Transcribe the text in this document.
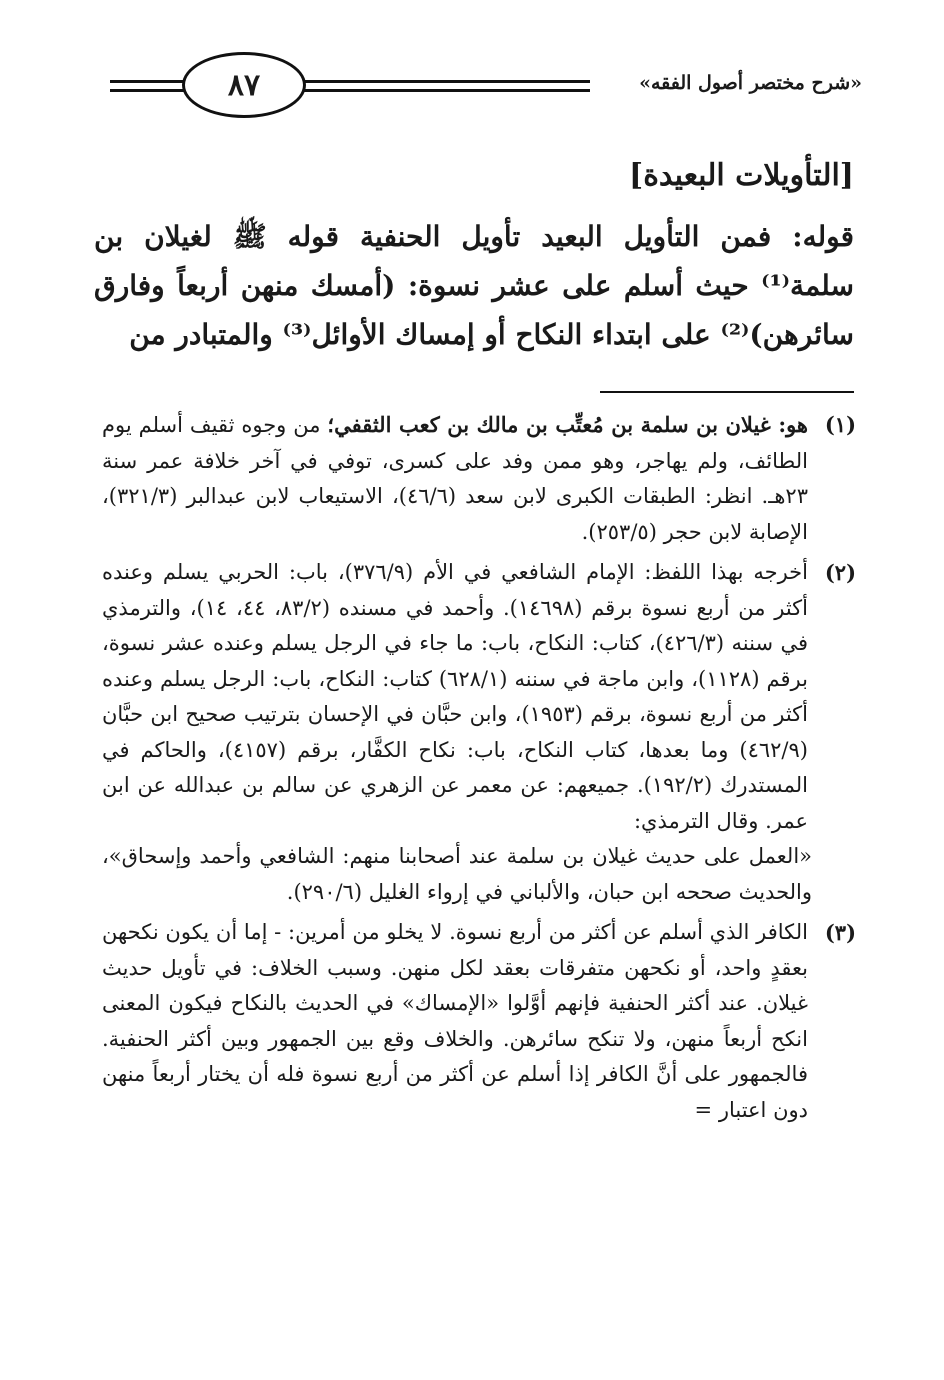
٨٧	«شرح مختصر أصول الفقه»
[التأويلات البعيدة]

قوله: فمن التأويل البعيد تأويل الحنفية قوله ﷺ لغيلان بن سلمة⁽¹⁾ حيث أسلم على عشر نسوة: (أمسك منهن أربعاً وفارق سائرهن)⁽²⁾ على ابتداء النكاح أو إمساك الأوائل⁽³⁾ والمتبادر من

(١)

هو: غيلان بن سلمة بن مُعتِّب بن مالك بن كعب الثقفي؛ من وجوه ثقيف أسلم يوم الطائف، ولم يهاجر، وهو ممن وفد على كسرى، توفي في آخر خلافة عمر سنة ٢٣هـ. انظر: الطبقات الكبرى لابن سعد (٤٦/٦)، الاستيعاب لابن عبدالبر (٣٢١/٣)، الإصابة لابن حجر (٢٥٣/٥).

(٢)

أخرجه بهذا اللفظ: الإمام الشافعي في الأم (٣٧٦/٩)، باب: الحربي يسلم وعنده أكثر من أربع نسوة برقم (١٤٦٩٨). وأحمد في مسنده (٨٣/٢، ٤٤، ١٤)، والترمذي في سننه (٤٢٦/٣)، كتاب: النكاح، باب: ما جاء في الرجل يسلم وعنده عشر نسوة، برقم (١١٢٨)، وابن ماجة في سننه (٦٢٨/١) كتاب: النكاح، باب: الرجل يسلم وعنده أكثر من أربع نسوة، برقم (١٩٥٣)، وابن حبَّان في الإحسان بترتيب صحيح ابن حبَّان (٤٦٢/٩) وما بعدها، كتاب النكاح، باب: نكاح الكفَّار، برقم (٤١٥٧)، والحاكم في المستدرك (١٩٢/٢). جميعهم: عن معمر عن الزهري عن سالم بن عبدالله عن ابن عمر. وقال الترمذي:

«العمل على حديث غيلان بن سلمة عند أصحابنا منهم: الشافعي وأحمد وإسحاق»، والحديث صححه ابن حبان، والألباني في إرواء الغليل (٢٩٠/٦).

(٣)

الكافر الذي أسلم عن أكثر من أربع نسوة. لا يخلو من أمرين: - إما أن يكون نكحهن بعقدٍ واحد، أو نكحهن متفرقات بعقد لكل منهن. وسبب الخلاف: في تأويل حديث غيلان. عند أكثر الحنفية فإنهم أوَّلوا «الإمساك» في الحديث بالنكاح فيكون المعنى انكح أربعاً منهن، ولا تنكح سائرهن. والخلاف وقع بين الجمهور وبين أكثر الحنفية. فالجمهور على أنَّ الكافر إذا أسلم عن أكثر من أربع نسوة فله أن يختار أربعاً منهن دون اعتبار =
